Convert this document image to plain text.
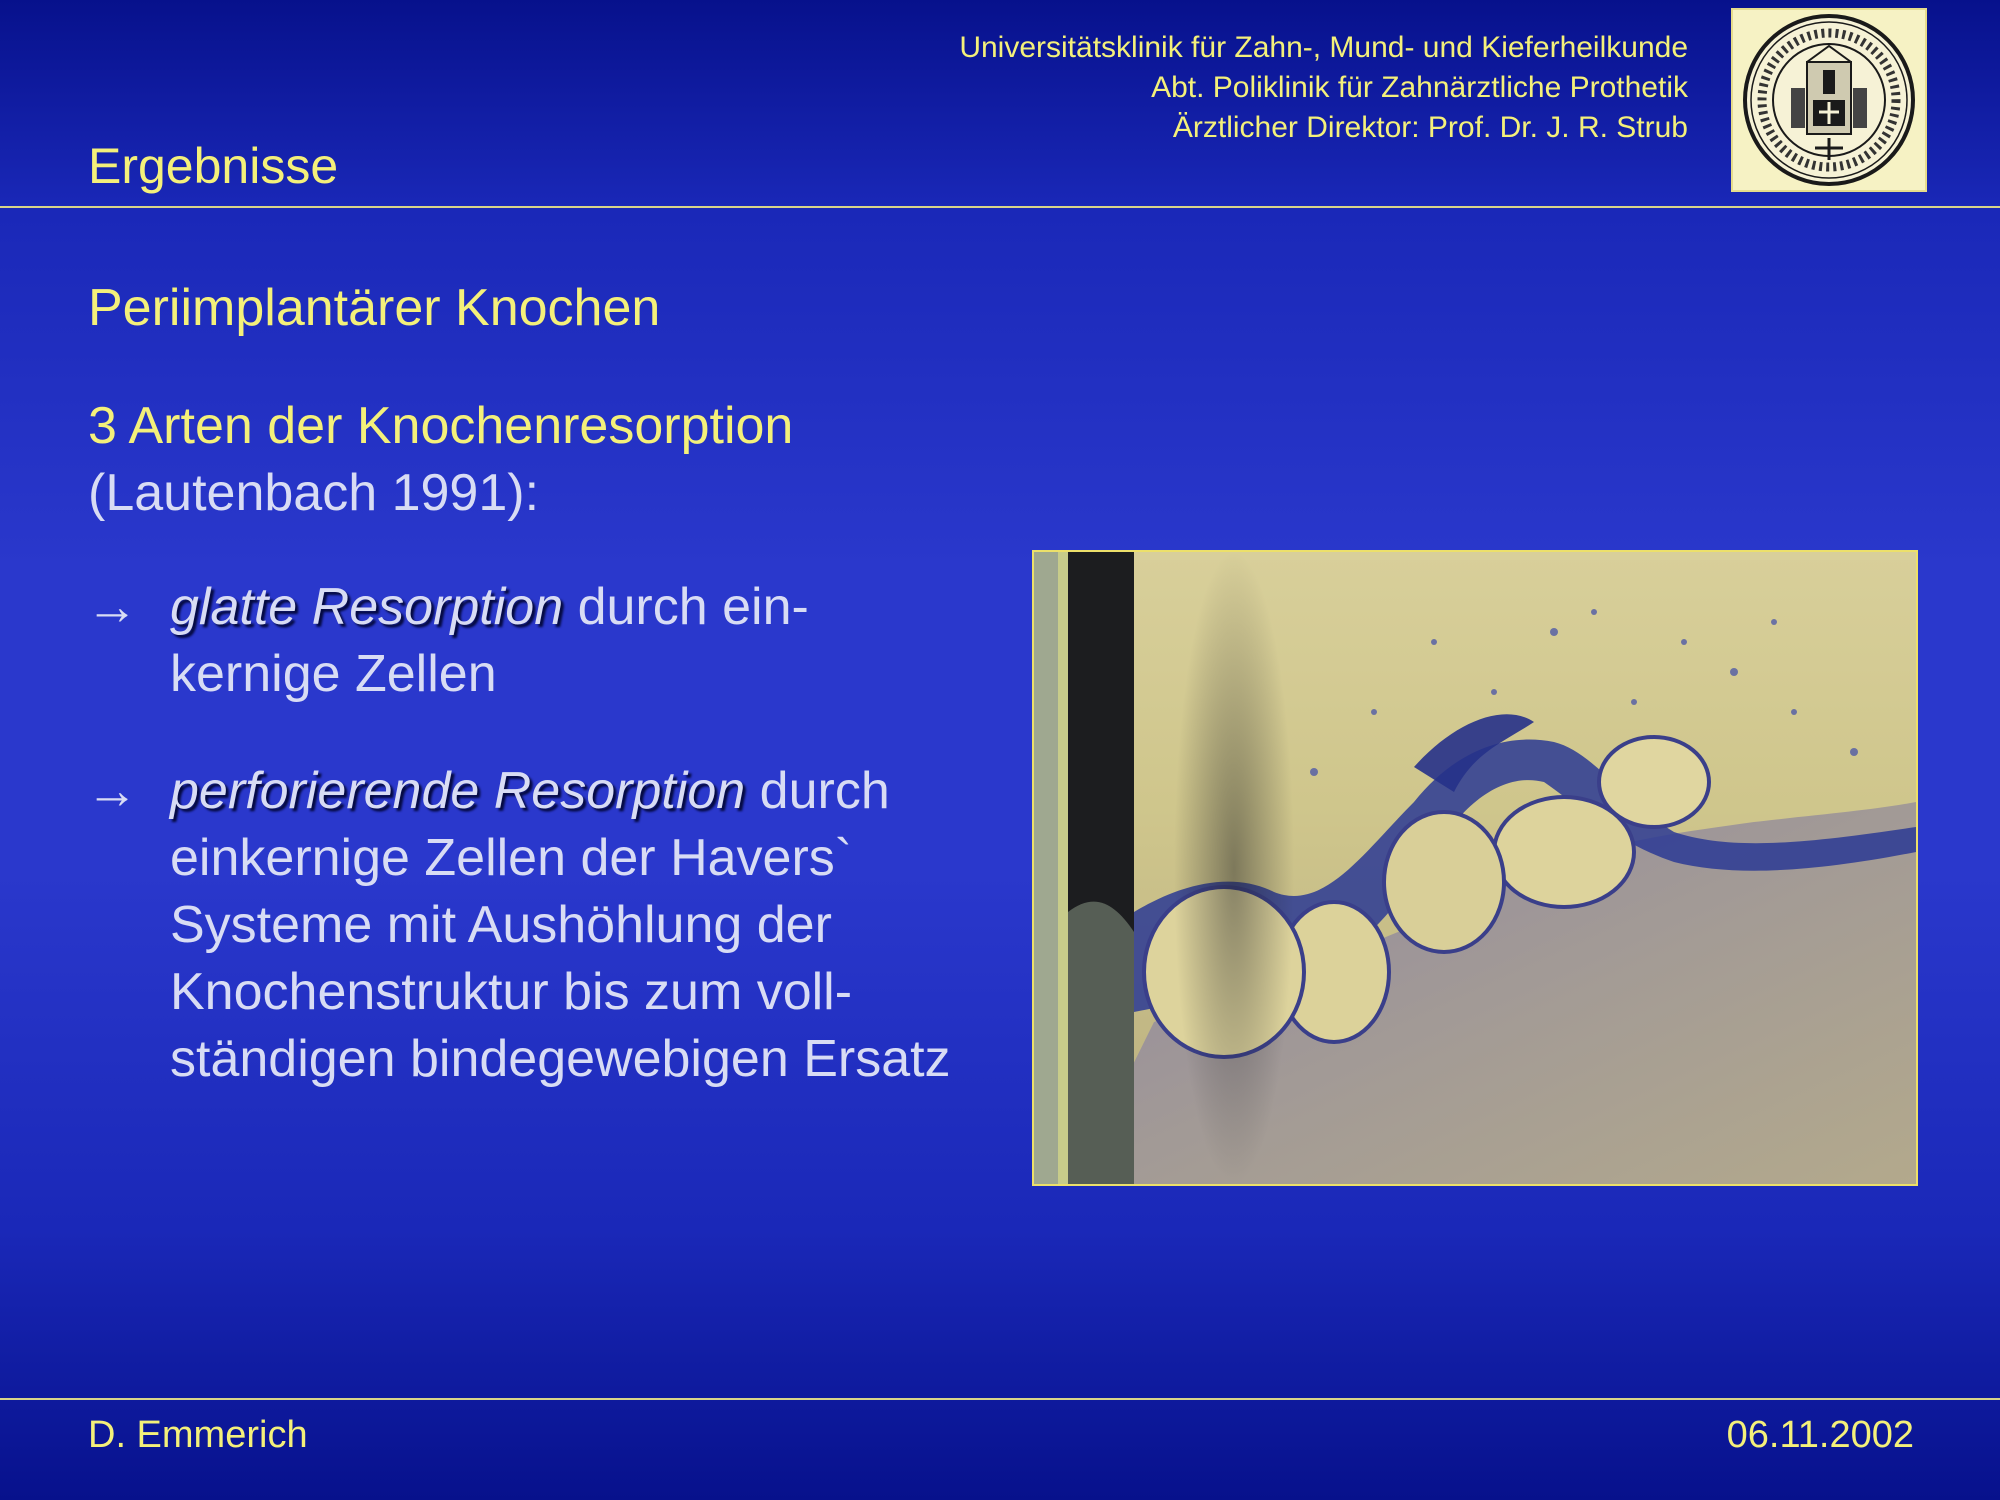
Universitätsklinik für Zahn-, Mund- und Kieferheilkunde
Abt. Poliklinik für Zahnärztliche Prothetik
Ärztlicher Direktor: Prof. Dr. J. R. Strub
Ergebnisse
Periimplantärer Knochen
3 Arten der Knochenresorption
(Lautenbach 1991):
→ glatte Resorption durch ein-
kernige Zellen
→ perforierende Resorption durch
einkernige Zellen der Havers`
Systeme mit Aushöhlung der
Knochenstruktur bis zum voll-
ständigen bindegewebigen Ersatz
D. Emmerich	06.11.2002
